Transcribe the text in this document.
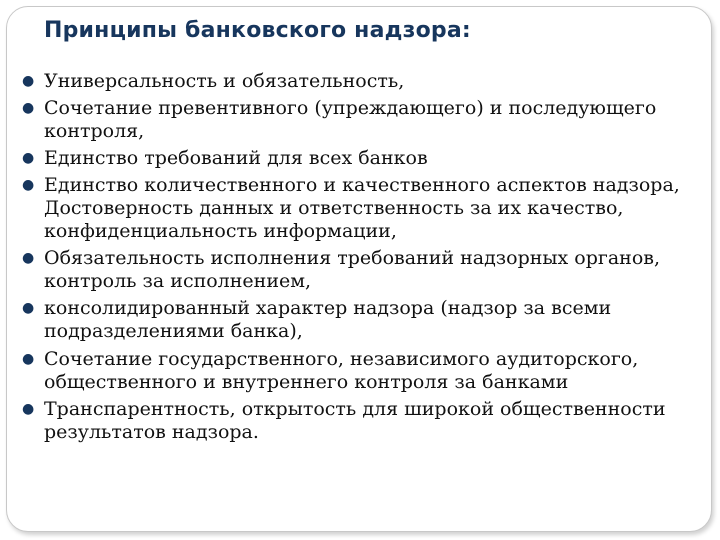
Принципы банковского надзора:
● Универсальность и обязательность,
● Сочетание превентивного (упреждающего) и последующего контроля,
● Единство требований для всех банков
● Единство количественного и качественного аспектов надзора, Достоверность данных и ответственность за их качество, конфиденциальность информации,
● Обязательность исполнения требований надзорных органов, контроль за исполнением,
● консолидированный характер надзора (надзор за всеми подразделениями банка),
● Сочетание государственного, независимого аудиторского, общественного и внутреннего контроля за банками
● Транспарентность, открытость для широкой общественности результатов надзора.
